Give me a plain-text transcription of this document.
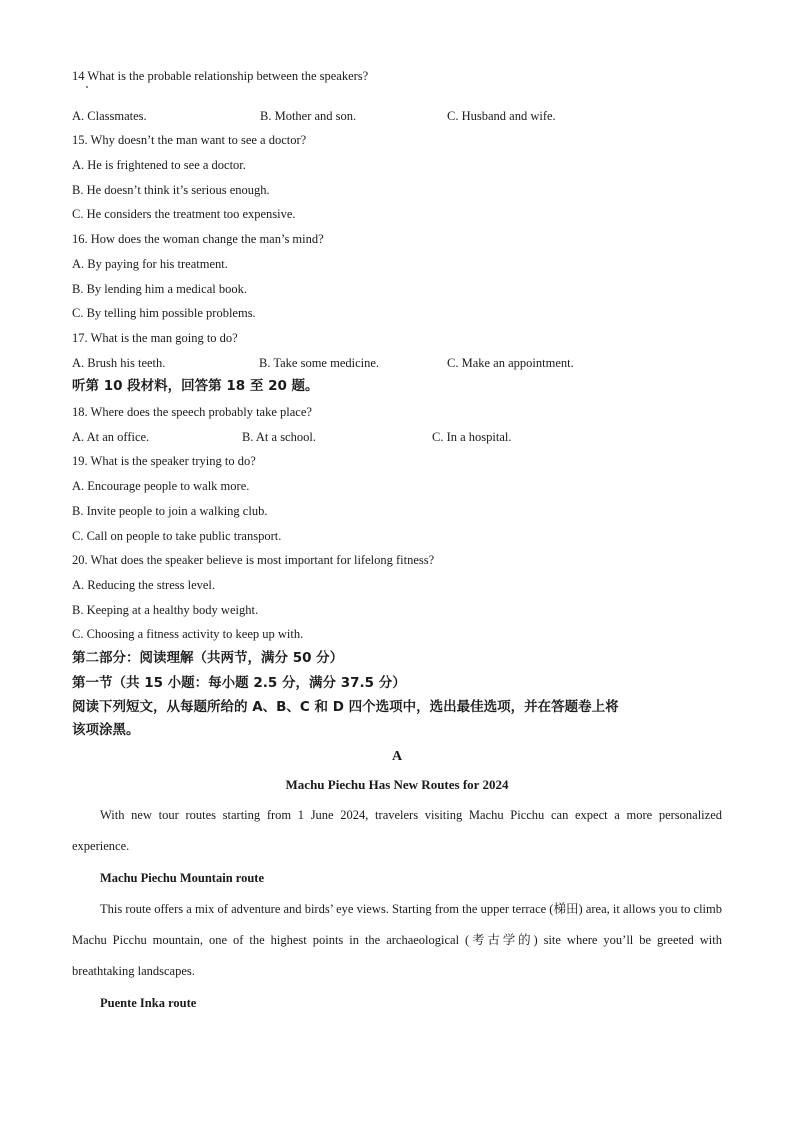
14 What is the probable relationship between the speakers?
A. Classmates.	B. Mother and son.	C. Husband and wife.
15. Why doesn’t the man want to see a doctor?
A. He is frightened to see a doctor.
B. He doesn’t think it’s serious enough.
C. He considers the treatment too expensive.
16. How does the woman change the man’s mind?
A. By paying for his treatment.
B. By lending him a medical book.
C. By telling him possible problems.
17. What is the man going to do?
A. Brush his teeth.	B. Take some medicine.	C. Make an appointment.
听第 10 段材料，回答第 18 至 20 题。
18. Where does the speech probably take place?
A. At an office.	B. At a school.	C. In a hospital.
19. What is the speaker trying to do?
A. Encourage people to walk more.
B. Invite people to join a walking club.
C. Call on people to take public transport.
20. What does the speaker believe is most important for lifelong fitness?
A. Reducing the stress level.
B. Keeping at a healthy body weight.
C. Choosing a fitness activity to keep up with.
第二部分：阅读理解（共两节，满分 50 分）
第一节（共 15 小题：每小题 2.5 分，满分 37.5 分）
阅读下列短文，从每题所给的 A、B、C 和 D 四个选项中，选出最佳选项，并在答题卷上将
该项涂黑。
A
Machu Piechu Has New Routes for 2024
With new tour routes starting from 1 June 2024, travelers visiting Machu Picchu can expect a more personalized experience.
Machu Piechu Mountain route
This route offers a mix of adventure and birds’ eye views. Starting from the upper terrace (梯田) area, it allows you to climb Machu Picchu mountain, one of the highest points in the archaeological (考古学的) site where you’ll be greeted with breathtaking landscapes.
Puente Inka route
